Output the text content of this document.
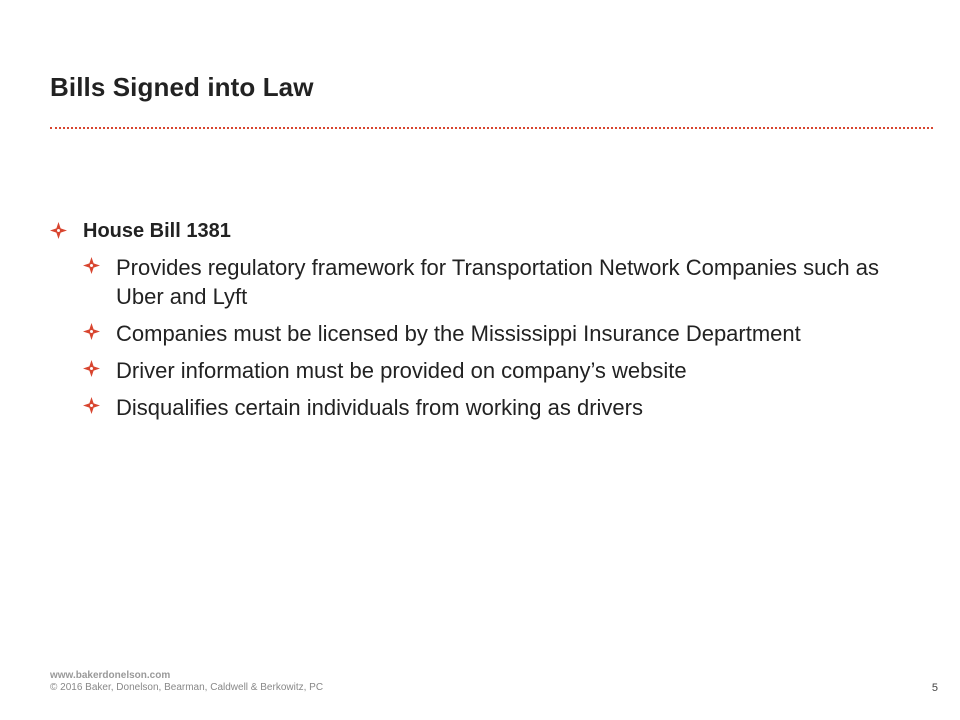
Bills Signed into Law
House Bill 1381
Provides regulatory framework for Transportation Network Companies such as Uber and Lyft
Companies must be licensed by the Mississippi Insurance Department
Driver information must be provided on company’s website
Disqualifies certain individuals from working as drivers
www.bakerdonelson.com
© 2016 Baker, Donelson, Bearman, Caldwell & Berkowitz, PC	5
